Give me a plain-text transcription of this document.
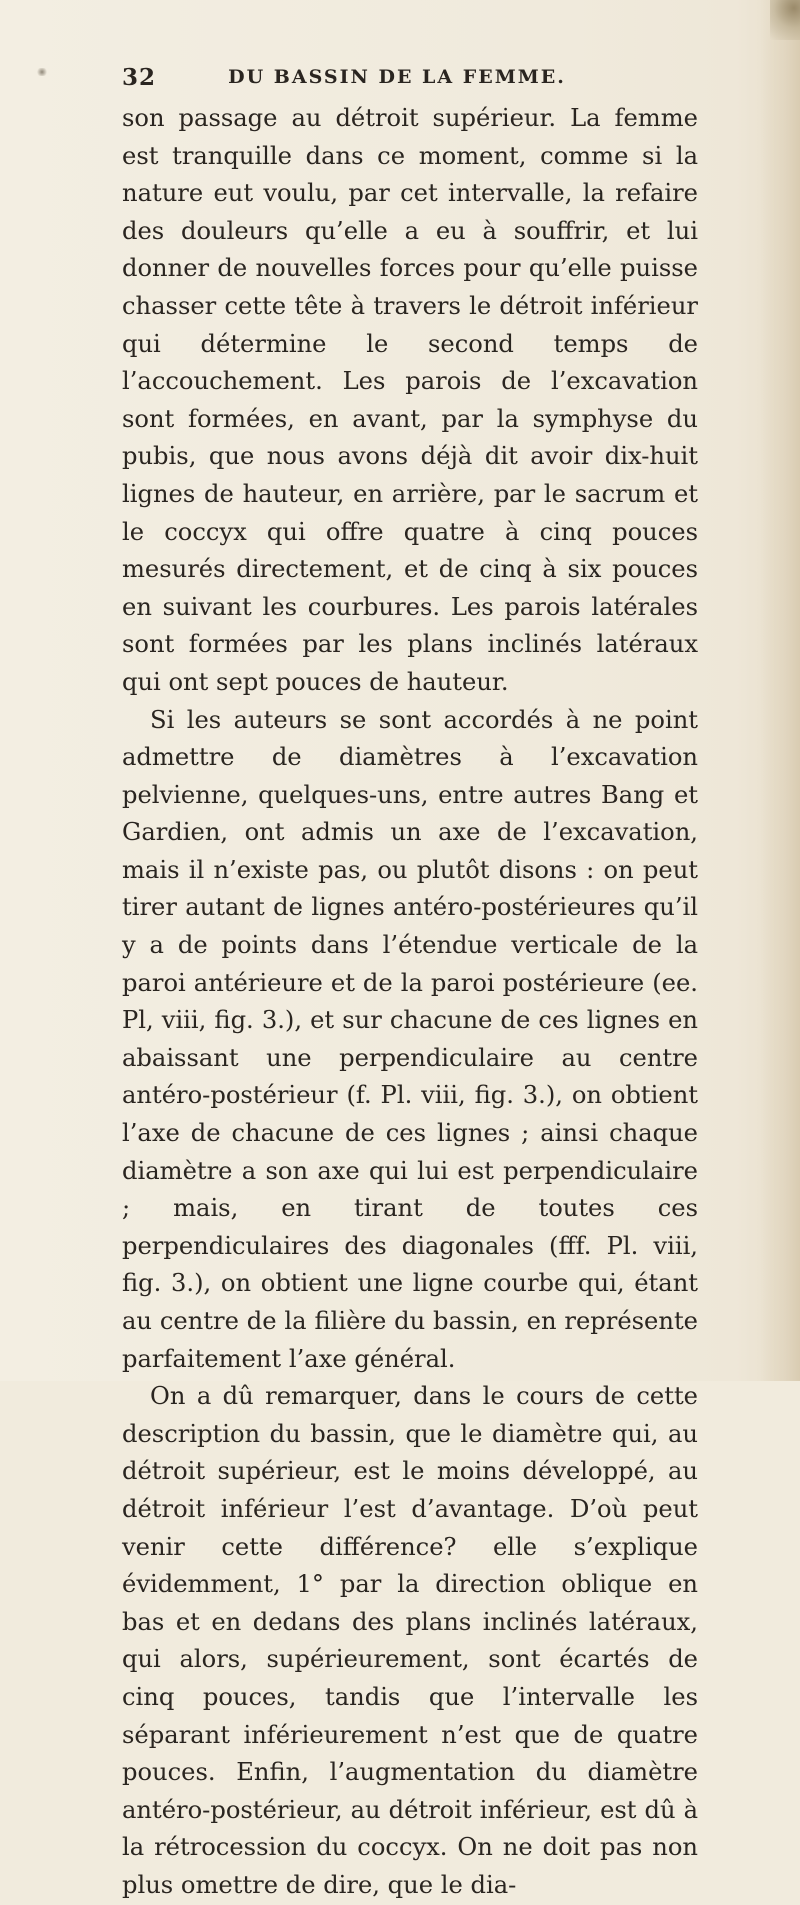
32	DU BASSIN DE LA FEMME.

son passage au détroit supérieur. La femme est tranquille dans ce moment, comme si la nature eut voulu, par cet intervalle, la refaire des douleurs qu’elle a eu à souffrir, et lui donner de nouvelles forces pour qu’elle puisse chasser cette tête à travers le détroit inférieur qui détermine le second temps de l’accouchement. Les parois de l’excavation sont formées, en avant, par la symphyse du pubis, que nous avons déjà dit avoir dix-huit lignes de hauteur, en arrière, par le sacrum et le coccyx qui offre quatre à cinq pouces mesurés directement, et de cinq à six pouces en suivant les courbures. Les parois latérales sont formées par les plans inclinés latéraux qui ont sept pouces de hauteur.

Si les auteurs se sont accordés à ne point admettre de diamètres à l’excavation pelvienne, quelques-uns, entre autres Bang et Gardien, ont admis un axe de l’excavation, mais il n’existe pas, ou plutôt disons : on peut tirer autant de lignes antéro-postérieures qu’il y a de points dans l’étendue verticale de la paroi antérieure et de la paroi postérieure (ee. Pl, viii, fig. 3.), et sur chacune de ces lignes en abaissant une perpendiculaire au centre antéro-postérieur (f. Pl. viii, fig. 3.), on obtient l’axe de chacune de ces lignes ; ainsi chaque diamètre a son axe qui lui est perpendiculaire ; mais, en tirant de toutes ces perpendiculaires des diagonales (fff. Pl. viii, fig. 3.), on obtient une ligne courbe qui, étant au centre de la filière du bassin, en représente parfaitement l’axe général.

On a dû remarquer, dans le cours de cette description du bassin, que le diamètre qui, au détroit supérieur, est le moins développé, au détroit inférieur l’est d’avantage. D’où peut venir cette différence? elle s’explique évidemment, 1° par la direction oblique en bas et en dedans des plans inclinés latéraux, qui alors, supérieurement, sont écartés de cinq pouces, tandis que l’intervalle les séparant inférieurement n’est que de quatre pouces. Enfin, l’augmentation du diamètre antéro-postérieur, au détroit inférieur, est dû à la rétrocession du coccyx. On ne doit pas non plus omettre de dire, que le dia-
